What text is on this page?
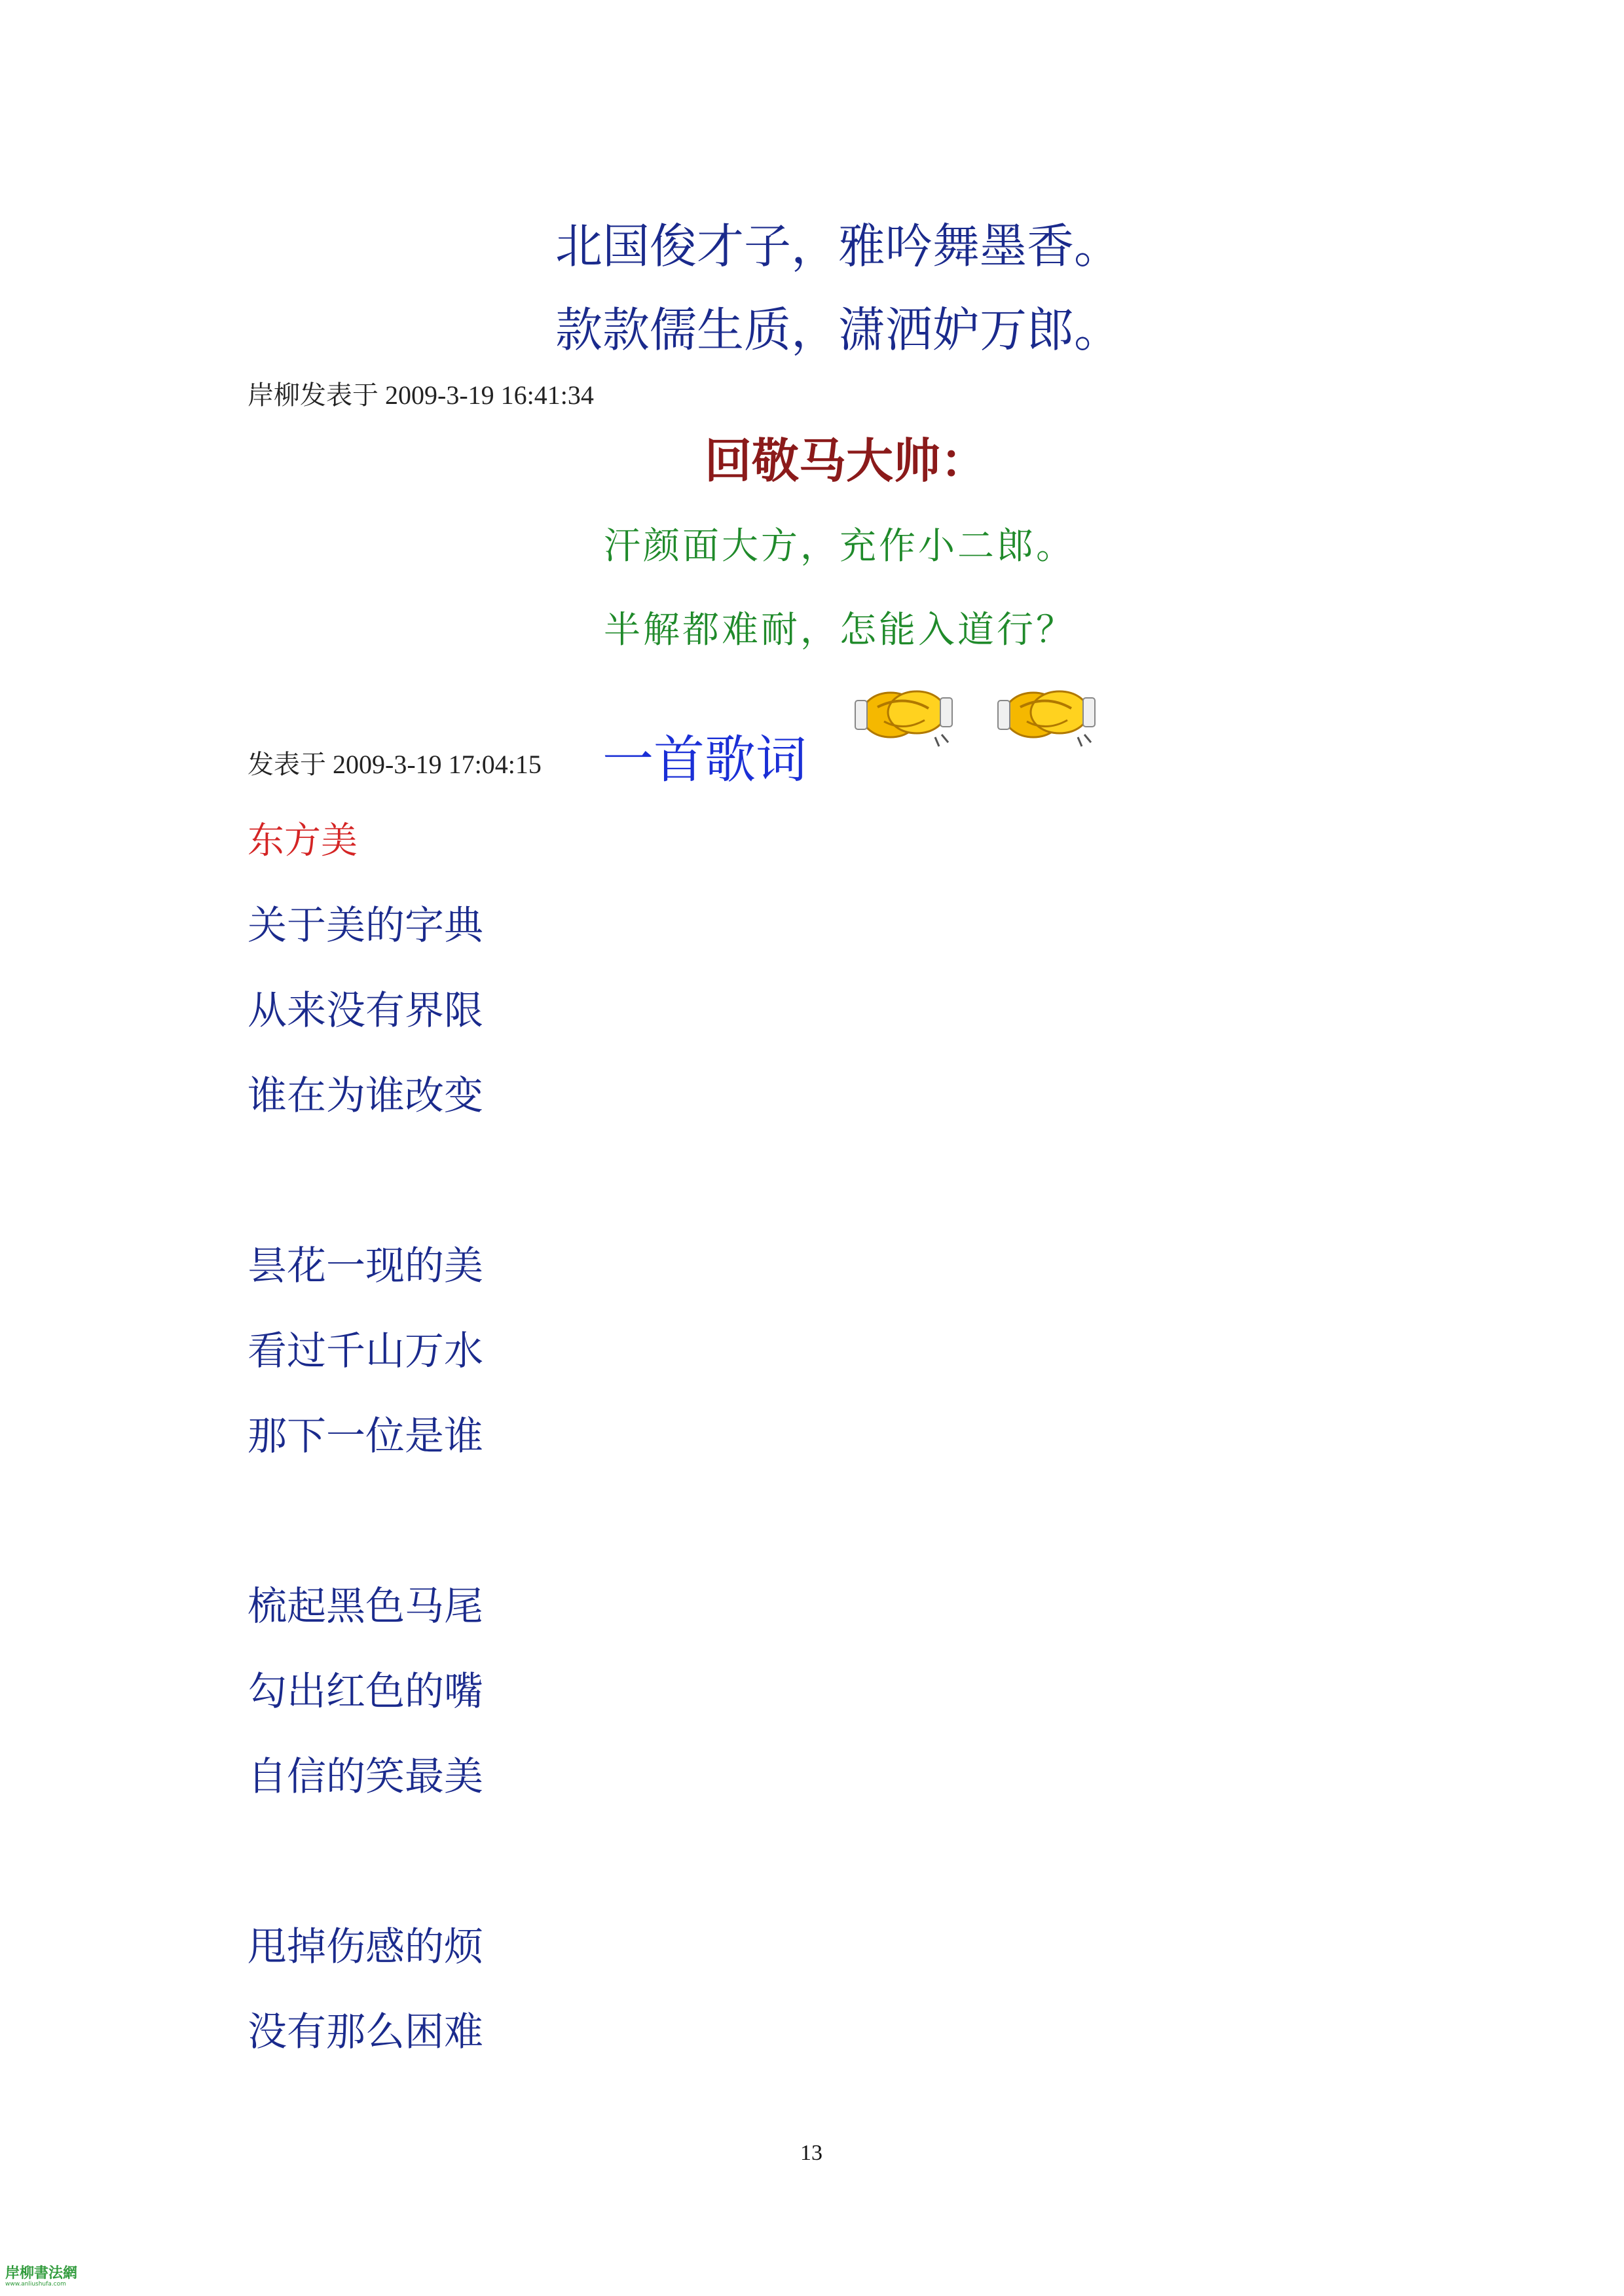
北国俊才子，雅吟舞墨香。
款款儒生质，潇洒妒万郎。
岸柳发表于 2009-3-19 16:41:34
回敬马大帅：
汗颜面大方，充作小二郎。
半解都难耐，怎能入道行？
发表于 2009-3-19 17:04:15 一首歌词
东方美
关于美的字典
从来没有界限
谁在为谁改变
昙花一现的美
看过千山万水
那下一位是谁
梳起黑色马尾
勾出红色的嘴
自信的笑最美
甩掉伤感的烦
没有那么困难
13
岸柳書法網
www.anliushufa.com
